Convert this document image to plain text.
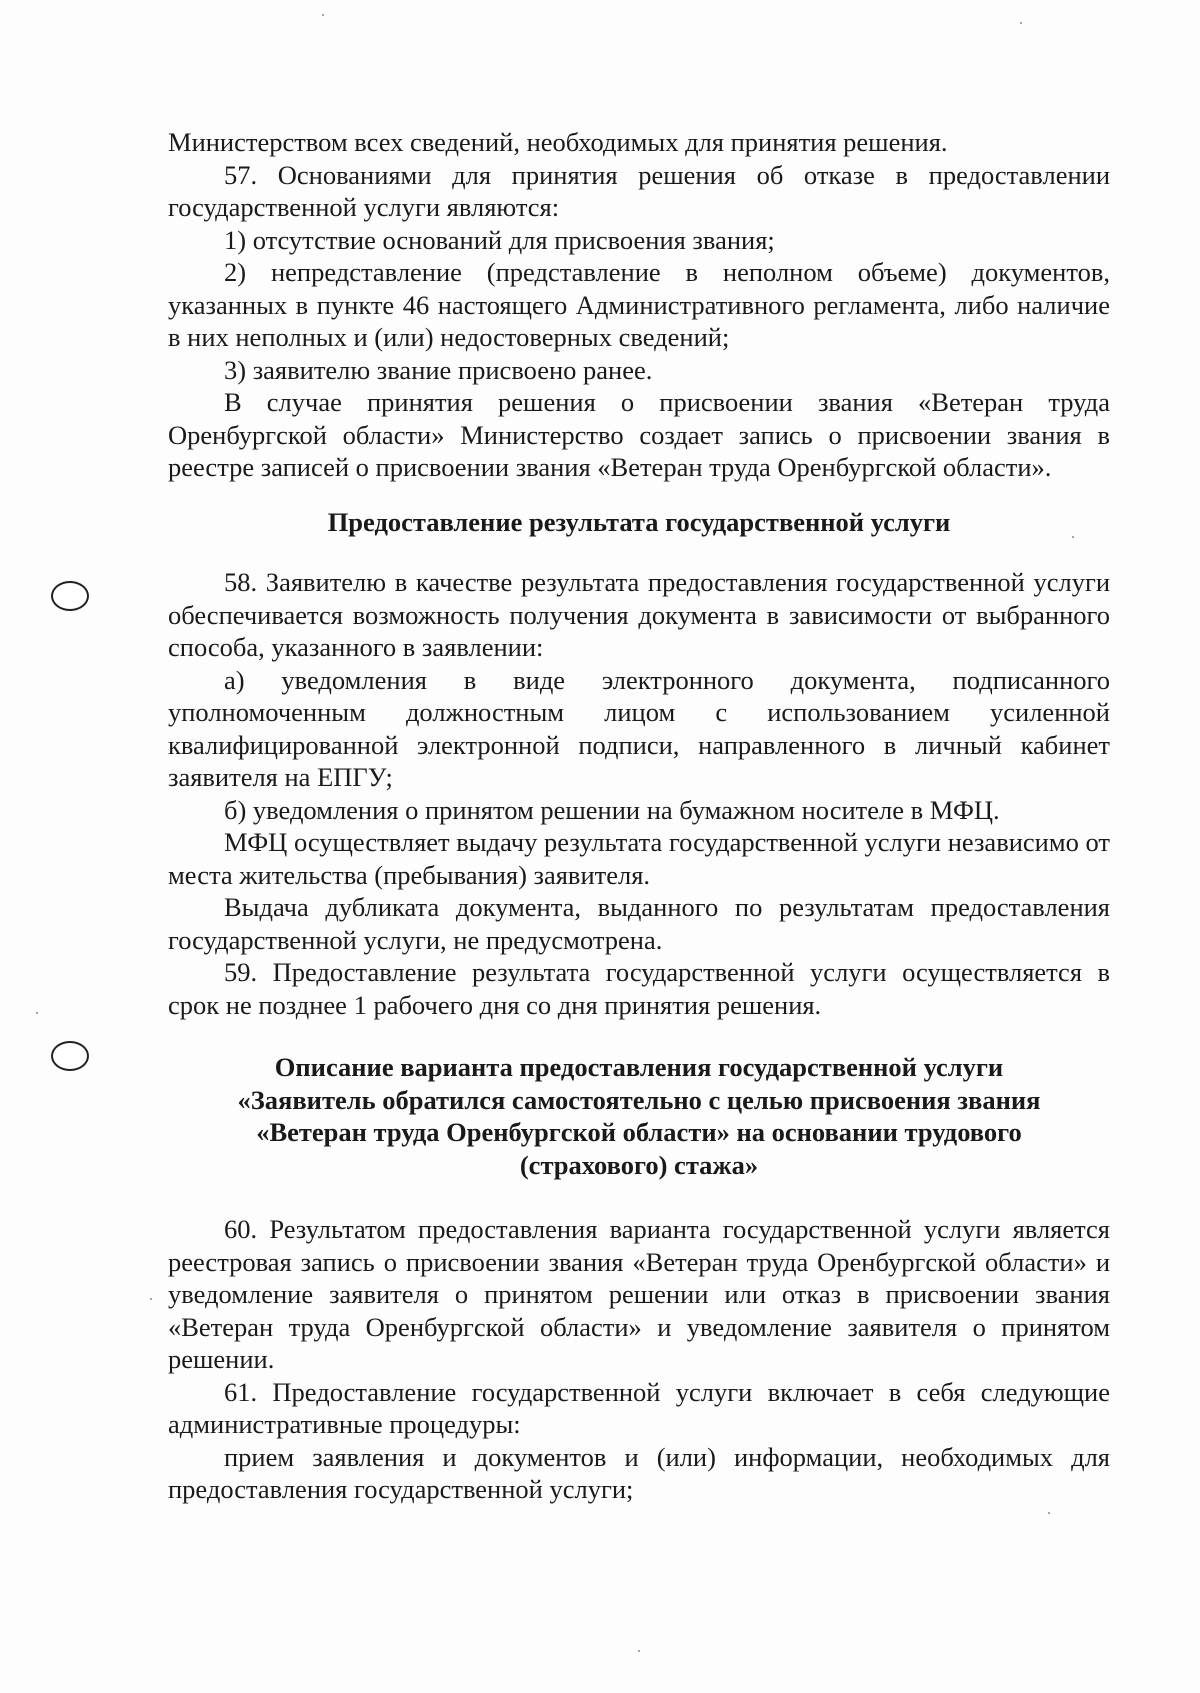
Министерством всех сведений, необходимых для принятия решения.

57. Основаниями для принятия решения об отказе в предоставлении государственной услуги являются:

1) отсутствие оснований для присвоения звания;

2) непредставление (представление в неполном объеме) документов, указанных в пункте 46 настоящего Административного регламента, либо наличие в них неполных и (или) недостоверных сведений;

3) заявителю звание присвоено ранее.

В случае принятия решения о присвоении звания «Ветеран труда Оренбургской области» Министерство создает запись о присвоении звания в реестре записей о присвоении звания «Ветеран труда Оренбургской области».

Предоставление результата государственной услуги

58. Заявителю в качестве результата предоставления государственной услуги обеспечивается возможность получения документа в зависимости от выбранного способа, указанного в заявлении:

а) уведомления в виде электронного документа, подписанного уполномоченным должностным лицом с использованием усиленной квалифицированной электронной подписи, направленного в личный кабинет заявителя на ЕПГУ;

б) уведомления о принятом решении на бумажном носителе в МФЦ.

МФЦ осуществляет выдачу результата государственной услуги независимо от места жительства (пребывания) заявителя.

Выдача дубликата документа, выданного по результатам предоставления государственной услуги, не предусмотрена.

59. Предоставление результата государственной услуги осуществляется в срок не позднее 1 рабочего дня со дня принятия решения.

Описание варианта предоставления государственной услуги
«Заявитель обратился самостоятельно с целью присвоения звания
«Ветеран труда Оренбургской области» на основании трудового
(страхового) стажа»

60. Результатом предоставления варианта государственной услуги является реестровая запись о присвоении звания «Ветеран труда Оренбургской области» и уведомление заявителя о принятом решении или отказ в присвоении звания «Ветеран труда Оренбургской области» и уведомление заявителя о принятом решении.

61. Предоставление государственной услуги включает в себя следующие административные процедуры:

прием заявления и документов и (или) информации, необходимых для предоставления государственной услуги;
